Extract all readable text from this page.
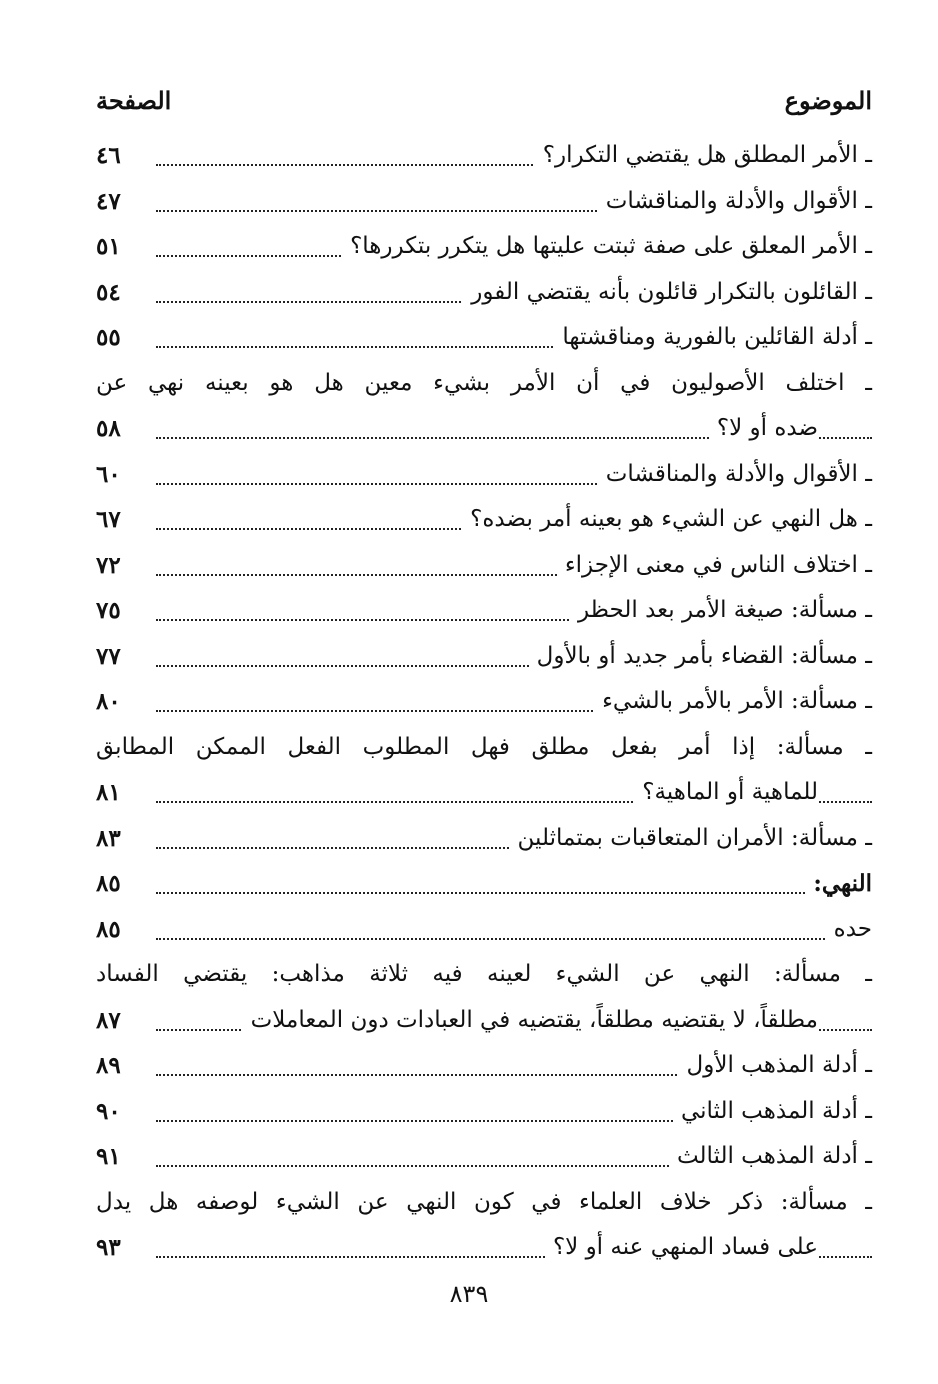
الموضوع
الصفحة
ـ الأمر المطلق هل يقتضي التكرار؟
٤٦
ـ الأقوال والأدلة والمناقشات
٤٧
ـ الأمر المعلق على صفة ثبتت عليتها هل يتكرر بتكررها؟
٥١
ـ القائلون بالتكرار قائلون بأنه يقتضي الفور
٥٤
ـ أدلة القائلين بالفورية ومناقشتها
٥٥
ـ اختلف الأصوليون في أن الأمر بشيء معين هل هو بعينه نهي عن
ضده أو لا؟
٥٨
ـ الأقوال والأدلة والمناقشات
٦٠
ـ هل النهي عن الشيء هو بعينه أمر بضده؟
٦٧
ـ اختلاف الناس في معنى الإجزاء
٧٢
ـ مسألة: صيغة الأمر بعد الحظر
٧٥
ـ مسألة: القضاء بأمر جديد أو بالأول
٧٧
ـ مسألة: الأمر بالأمر بالشيء
٨٠
ـ مسألة: إذا أمر بفعل مطلق فهل المطلوب الفعل الممكن المطابق
للماهية أو الماهية؟
٨١
ـ مسألة: الأمران المتعاقبات بمتماثلين
٨٣
النهي:
٨٥
حده
٨٥
ـ مسألة: النهي عن الشيء لعينه فيه ثلاثة مذاهب: يقتضي الفساد
مطلقاً، لا يقتضيه مطلقاً، يقتضيه في العبادات دون المعاملات
٨٧
ـ أدلة المذهب الأول
٨٩
ـ أدلة المذهب الثاني
٩٠
ـ أدلة المذهب الثالث
٩١
ـ مسألة: ذكر خلاف العلماء في كون النهي عن الشيء لوصفه هل يدل
على فساد المنهي عنه أو لا؟
٩٣
٨٣٩
